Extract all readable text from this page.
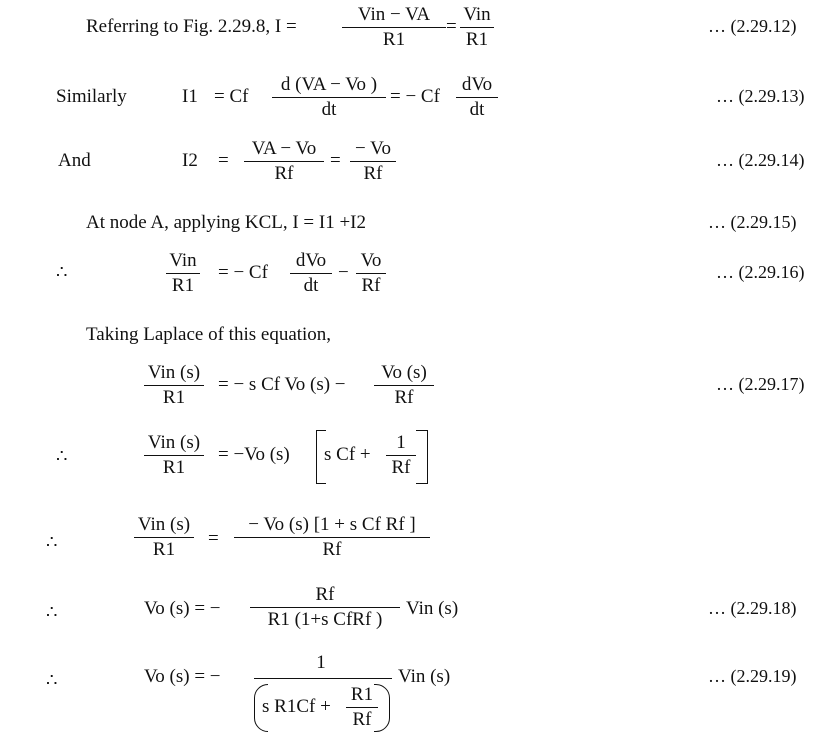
Referring to Fig. 2.29.8, I =
Vin − VA
R1
=
Vin
R1
… (2.29.12)
Similarly	I1 = Cf
d (VA − Vo )
dt
= − Cf
dVo
dt
… (2.29.13)
And	I2 =
VA − Vo
Rf
=
− Vo
Rf
… (2.29.14)
At node A, applying KCL, I = I1 +I2	… (2.29.15)
∴
Vin
R1
= − Cf
dVo
dt
−
Vo
Rf
… (2.29.16)
Taking Laplace of this equation,
Vin (s)
R1
= − s Cf Vo (s) −
Vo (s)
Rf
… (2.29.17)
∴
Vin (s)
R1
= −Vo (s) s Cf +
1
Rf
∴
Vin (s)
R1
=
− Vo (s) [1 + s Cf Rf ]
Rf
∴	Vo (s) = −
Rf
R1 (1+s CfRf )
Vin (s)	… (2.29.18)
∴	Vo (s) = −
1
s R1Cf +
R1
Rf
Vin (s)	… (2.29.19)
